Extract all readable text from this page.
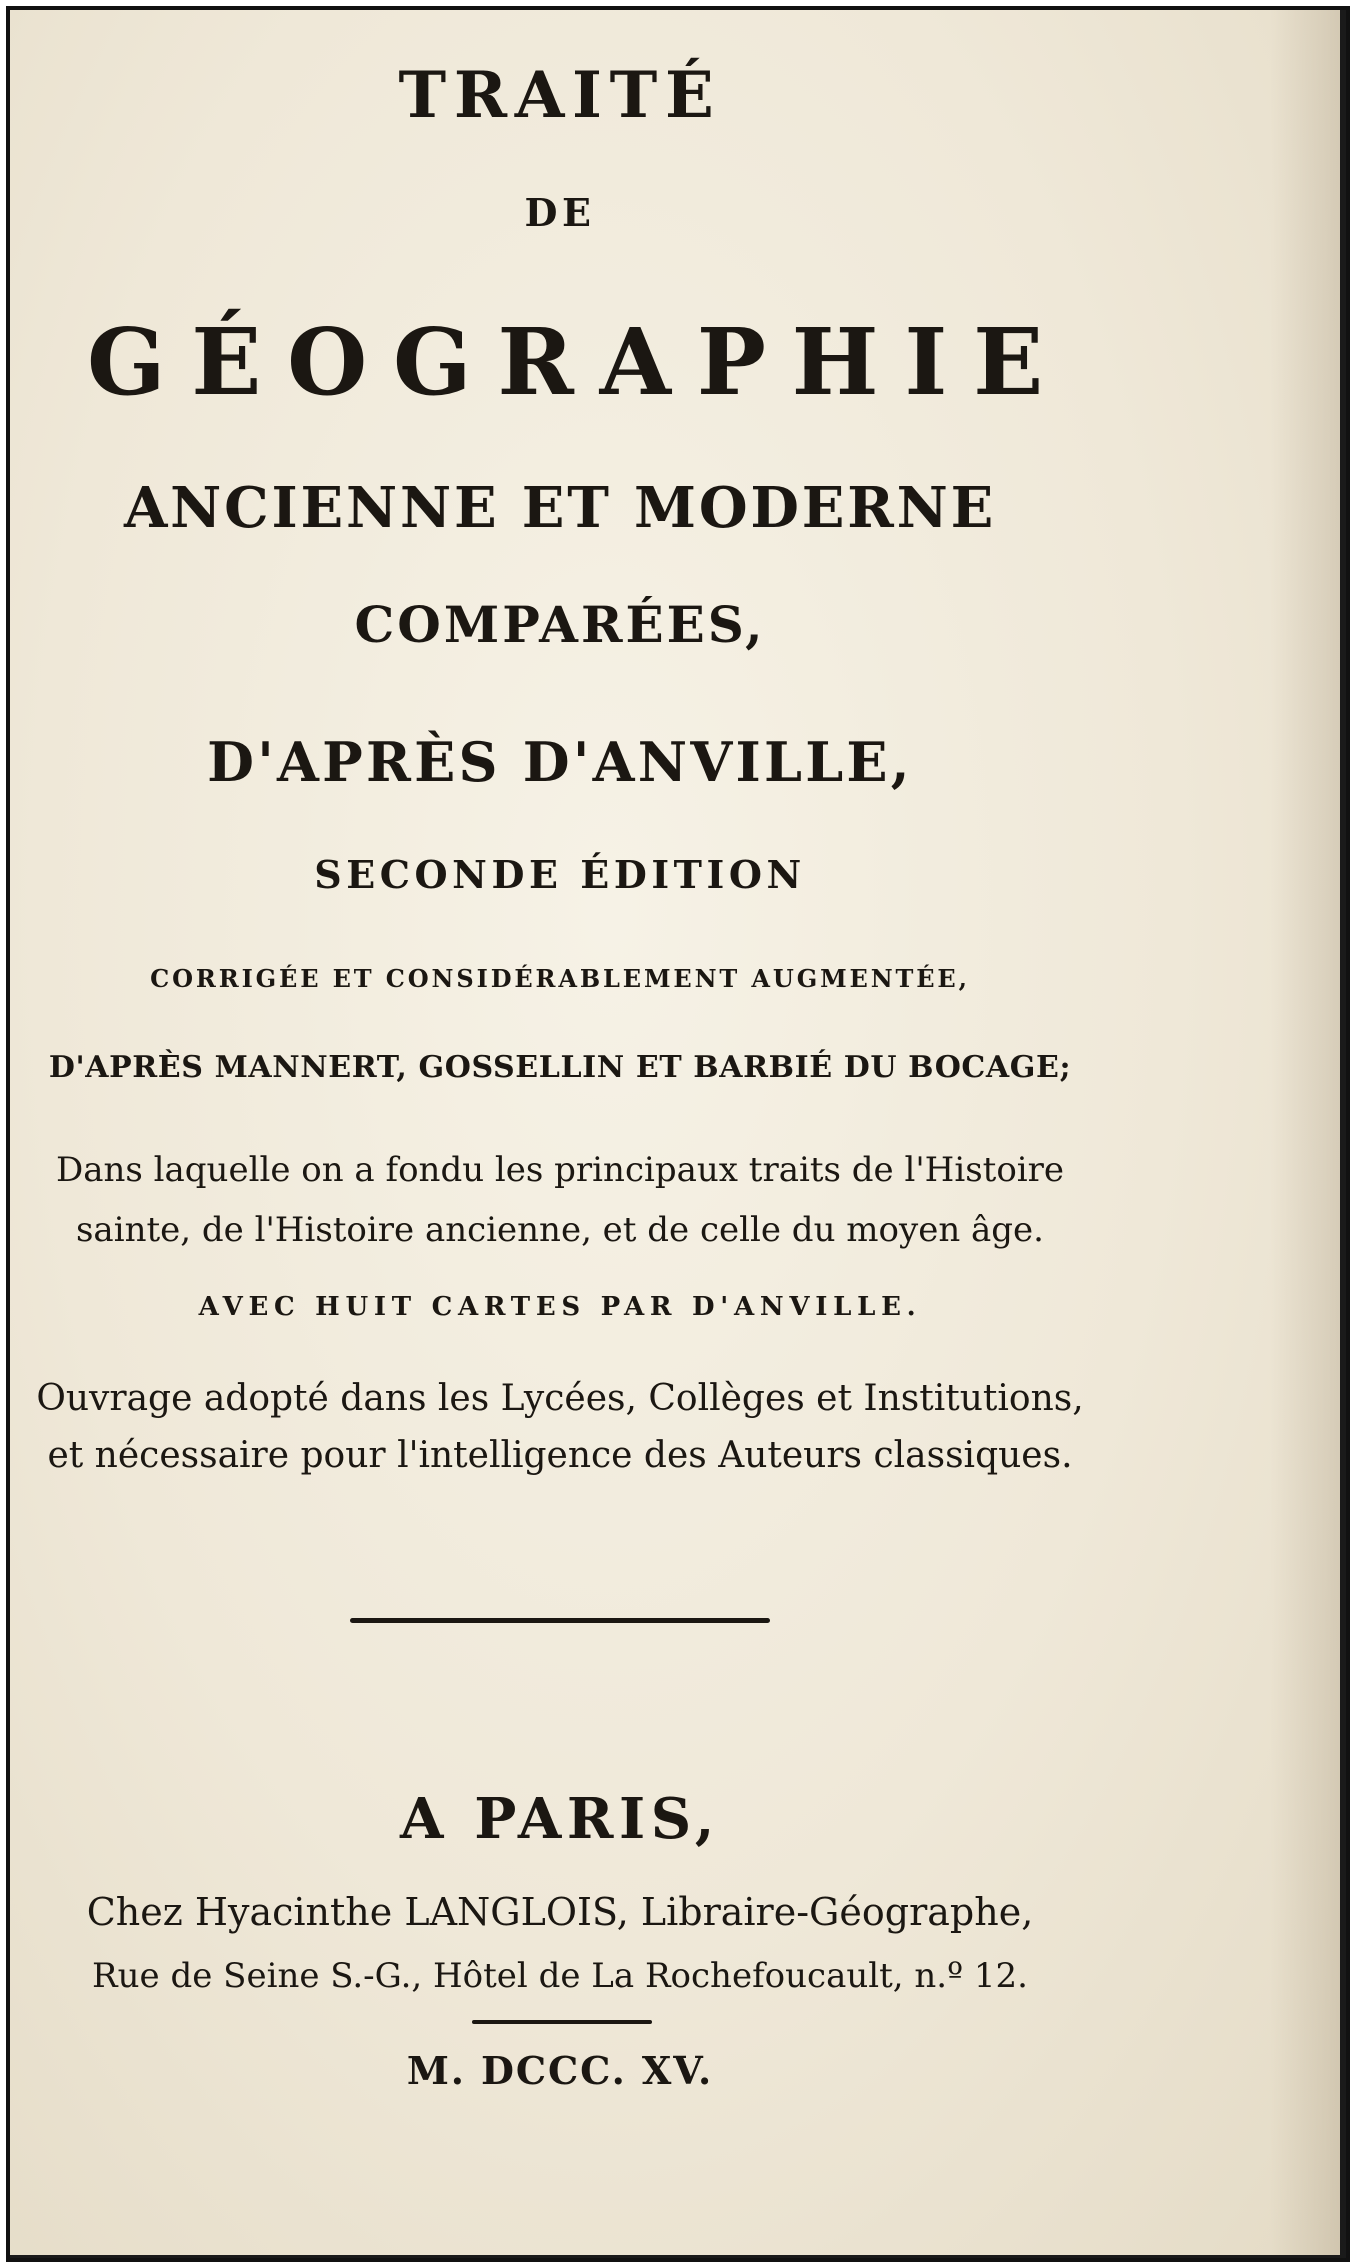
TRAITÉ
DE
GÉOGRAPHIE
ANCIENNE ET MODERNE
COMPARÉES,
D'APRÈS D'ANVILLE,
SECONDE ÉDITION
CORRIGÉE ET CONSIDÉRABLEMENT AUGMENTÉE,
D'APRÈS MANNERT, GOSSELLIN ET BARBIÉ DU BOCAGE;
Dans laquelle on a fondu les principaux traits de l'Histoire
sainte, de l'Histoire ancienne, et de celle du moyen âge.
AVEC HUIT CARTES PAR D'ANVILLE.
Ouvrage adopté dans les Lycées, Collèges et Institutions,
et nécessaire pour l'intelligence des Auteurs classiques.
A PARIS,
Chez Hyacinthe LANGLOIS, Libraire-Géographe,
Rue de Seine S.-G., Hôtel de La Rochefoucault, n.º 12.
M. DCCC. XV.
